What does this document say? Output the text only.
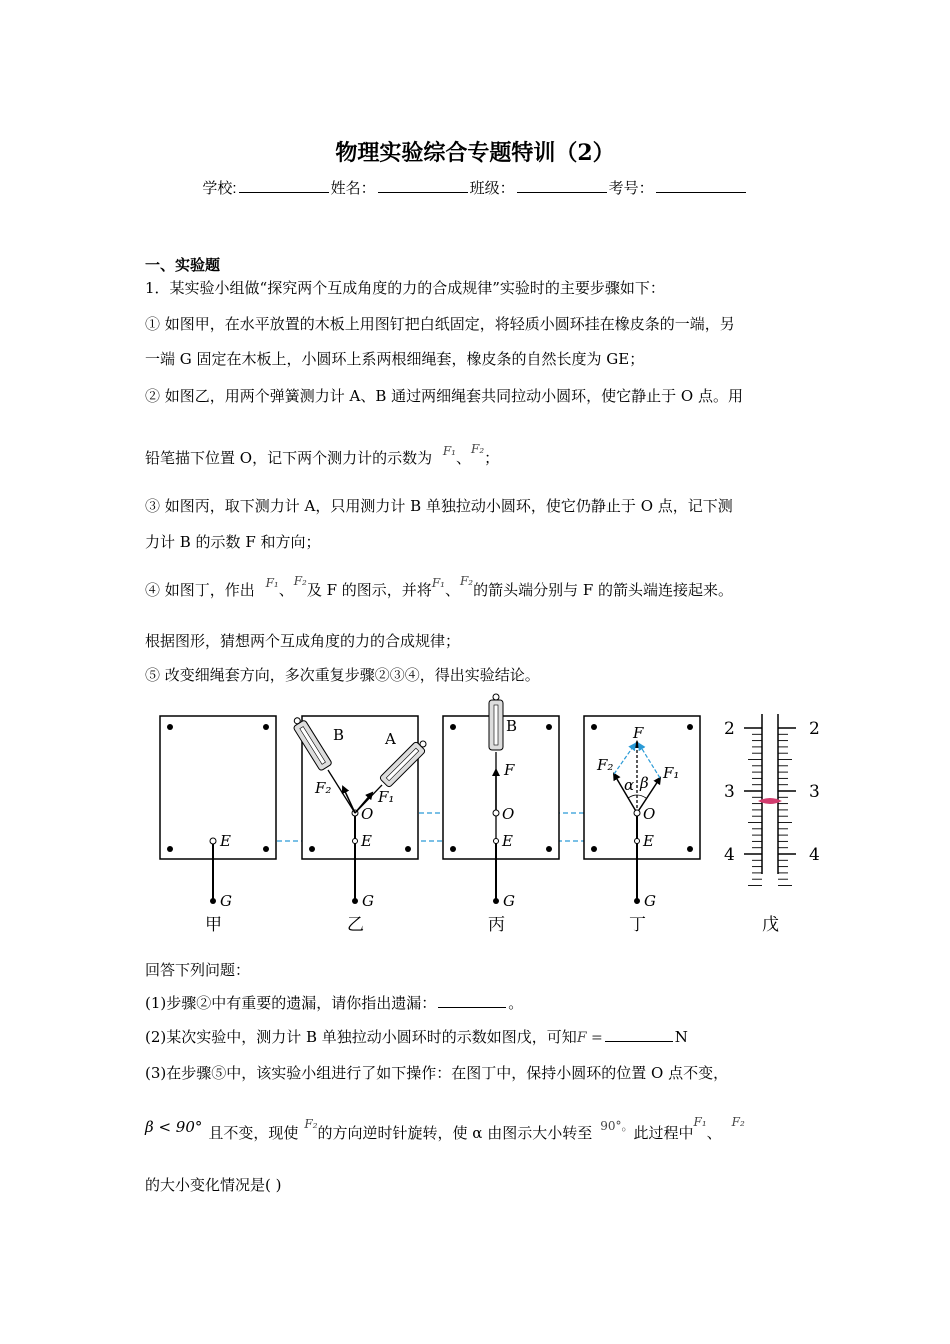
物理实验综合专题特训（2）
学校:	姓名：	班级：	考号：
一、实验题
1．某实验小组做“探究两个互成角度的力的合成规律”实验时的主要步骤如下：
① 如图甲，在水平放置的木板上用图钉把白纸固定，将轻质小圆环挂在橡皮条的一端，另
一端 G 固定在木板上，小圆环上系两根细绳套，橡皮条的自然长度为 GE；
② 如图乙，用两个弹簧测力计 A、B 通过两细绳套共同拉动小圆环，使它静止于 O 点。用
铅笔描下位置 O，记下两个测力计的示数为 $^{F_1}$、$^{F_2}$；
③ 如图丙，取下测力计 A，只用测力计 B 单独拉动小圆环，使它仍静止于 O 点，记下测
力计 B 的示数 F 和方向；
④ 如图丁，作出 $^{F_1}$、$^{F_2}$及 F 的图示，并将$^{F_1}$、$^{F_2}$的箭头端分别与 F 的箭头端连接起来。
根据图形，猜想两个互成角度的力的合成规律；
⑤ 改变细绳套方向，多次重复步骤②③④，得出实验结论。
E
G
甲
B	A
F₂	F₁
O
E
G
乙
B
F
O
E
G
丙
F
F₂	F₁
α β
O
E
G
丁
2
3
4
2
3
4
戊
回答下列问题：
(1)步骤②中有重要的遗漏，请你指出遗漏：	。
(2)某次实验中，测力计 B 单独拉动小圆环时的示数如图戊，可知F =	N
(3)在步骤⑤中，该实验小组进行了如下操作：在图丁中，保持小圆环的位置 O 点不变，
β < 90° 且不变，现使 $^{F_2}$的方向逆时针旋转，使 α 由图示大小转至 $^{90^\circ。}$此过程中$^{F_1}$、$^{F_2}$
的大小变化情况是( )
